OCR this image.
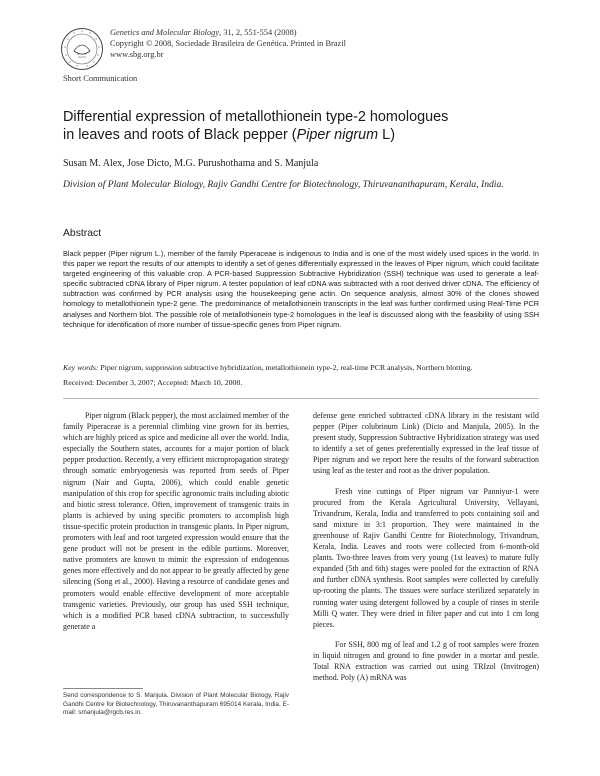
Genetics and Molecular Biology, 31, 2, 551-554 (2008)
Copyright © 2008, Sociedade Brasileira de Genética. Printed in Brazil
www.sbg.org.br
Short Communication
Differential expression of metallothionein type-2 homologues
in leaves and roots of Black pepper (Piper nigrum L)
Susan M. Alex, Jose Dicto, M.G. Purushothama and S. Manjula
Division of Plant Molecular Biology, Rajiv Gandhi Centre for Biotechnology, Thiruvananthapuram, Kerala, India.
Abstract
Black pepper (Piper nigrum L.), member of the family Piperaceae is indigenous to India and is one of the most widely used spices in the world. In this paper we report the results of our attempts to identify a set of genes differentially expressed in the leaves of Piper nigrum, which could facilitate targeted engineering of this valuable crop. A PCR-based Suppression Subtractive Hybridization (SSH) technique was used to generate a leaf-specific subtracted cDNA library of Piper nigrum. A tester population of leaf cDNA was subtracted with a root derived driver cDNA. The efficiency of subtraction was confirmed by PCR analysis using the housekeeping gene actin. On sequence analysis, almost 30% of the clones showed homology to metallothionein type-2 gene. The predominance of metallothionein transcripts in the leaf was further confirmed using Real-Time PCR analyses and Northern blot. The possible role of metallothionein type-2 homologues in the leaf is discussed along with the feasibility of using SSH technique for identification of more number of tissue-specific genes from Piper nigrum.
Key words: Piper nigrum, suppression subtractive hybridization, metallothionein type-2, real-time PCR analysis, Northern blotting.
Received: December 3, 2007; Accepted: March 10, 2008.

Piper nigrum (Black pepper), the most acclaimed member of the family Piperaceae is a perennial climbing vine grown for its berries, which are highly priced as spice and medicine all over the world. India, especially the Southern states, accounts for a major portion of black pepper production. Recently, a very efficient micropropagation strategy through somatic embryogenesis was reported from seeds of Piper nigrum (Nair and Gupta, 2006), which could enable genetic manipulation of this crop for specific agronomic traits including abiotic and biotic stress tolerance. Often, improvement of transgenic traits in plants is achieved by using specific promoters to accomplish high tissue-specific protein production in transgenic plants. In Piper nigrum, promoters with leaf and root targeted expression would ensure that the gene product will not be present in the edible portions. Moreover, native promoters are known to mimic the expression of endogenous genes more effectively and do not appear to be greatly affected by gene silencing (Song et al., 2000). Having a resource of candidate genes and promoters would enable effective development of more acceptable transgenic varieties. Previously, our group has used SSH technique, which is a modified PCR based cDNA subtraction, to successfully generate a

defense gene enriched subtracted cDNA library in the resistant wild pepper (Piper colubrinum Link) (Dicto and Manjula, 2005). In the present study, Suppression Subtractive Hybridization strategy was used to identify a set of genes preferentially expressed in the leaf tissue of Piper nigrum and we report here the results of the forward subtraction using leaf as the tester and root as the driver population.

Fresh vine cuttings of Piper nigrum var Panniyur-1 were procured from the Kerala Agricultural University, Vellayani, Trivandrum, Kerala, India and transferred to pots containing soil and sand mixture in 3:1 proportion. They were maintained in the greenhouse of Rajiv Gandhi Centre for Biotechnology, Trivandrum, Kerala, India. Leaves and roots were collected from 6-month-old plants. Two-three leaves from very young (1st leaves) to mature fully expanded (5th and 6th) stages were pooled for the extraction of RNA and further cDNA synthesis. Root samples were collected by carefully up-rooting the plants. The tissues were surface sterilized separately in running water using detergent followed by a couple of rinses in sterile Milli Q water. They were dried in filter paper and cut into 1 cm long pieces.

For SSH, 800 mg of leaf and 1.2 g of root samples were frozen in liquid nitrogen and ground to fine powder in a mortar and pestle. Total RNA extraction was carried out using TRIzol (Invitrogen) method. Poly (A) mRNA was

Send correspondence to S. Manjula. Division of Plant Molecular Biology, Rajiv Gandhi Centre for Biotechnology, Thiruvananthapuram 695014 Kerala, India. E-mail: smanjula@rgcb.res.in.
